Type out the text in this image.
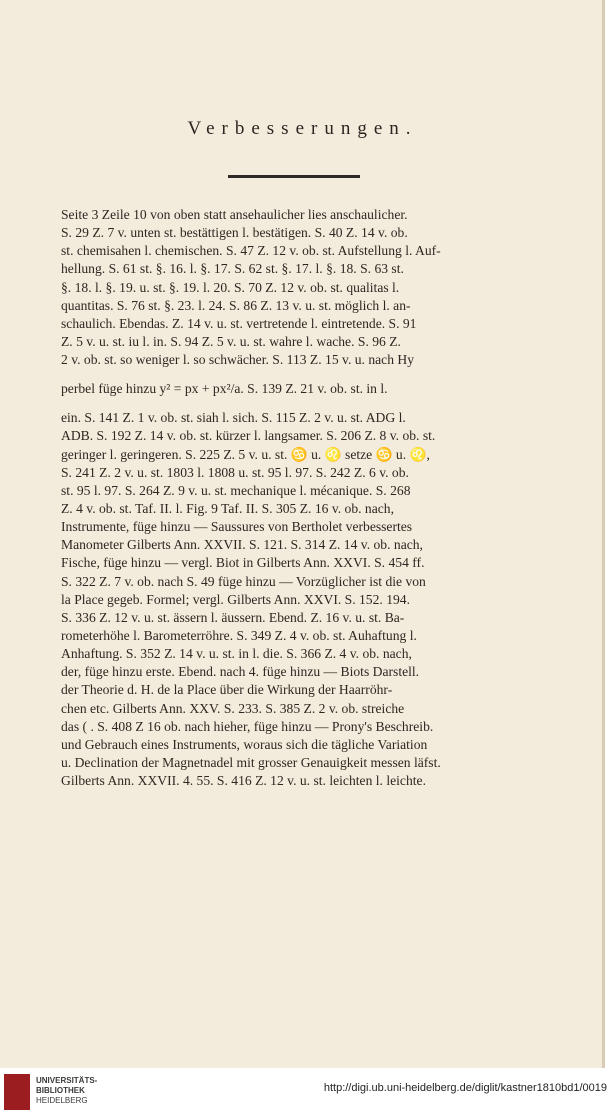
Verbesserungen.
Seite 3 Zeile 10 von oben statt ansehaulicher lies anschaulicher.
S. 29 Z. 7 v. unten st. bestättigen l. bestätigen. S. 40 Z. 14 v. ob.
st. chemisahen l. chemischen. S. 47 Z. 12 v. ob. st. Aufstellung l. Auf-
hellung. S. 61 st. §. 16. l. §. 17. S. 62 st. §. 17. l. §. 18. S. 63 st.
§. 18. l. §. 19. u. st. §. 19. l. 20. S. 70 Z. 12 v. ob. st. qualitas l.
quantitas. S. 76 st. §. 23. l. 24. S. 86 Z. 13 v. u. st. möglich l. an-
schaulich. Ebendas. Z. 14 v. u. st. vertretende l. eintretende. S. 91
Z. 5 v. u. st. iu l. in. S. 94 Z. 5 v. u. st. wahre l. wache. S. 96 Z.
2 v. ob. st. so weniger l. so schwächer. S. 113 Z. 15 v. u. nach Hy
perbel füge hinzu y² = px + px²/a. S. 139 Z. 21 v. ob. st. in l.
ein. S. 141 Z. 1 v. ob. st. siah l. sich. S. 115 Z. 2 v. u. st. ADG l.
ADB. S. 192 Z. 14 v. ob. st. kürzer l. langsamer. S. 206 Z. 8 v. ob. st.
geringer l. geringeren. S. 225 Z. 5 v. u. st. ♋ u. ♌ setze ♋ u. ♌,
S. 241 Z. 2 v. u. st. 1803 l. 1808 u. st. 95 l. 97. S. 242 Z. 6 v. ob.
st. 95 l. 97. S. 264 Z. 9 v. u. st. mechanique l. mécanique. S. 268
Z. 4 v. ob. st. Taf. II. l. Fig. 9 Taf. II. S. 305 Z. 16 v. ob. nach,
Instrumente, füge hinzu — Saussures von Bertholet verbessertes
Manometer Gilberts Ann. XXVII. S. 121. S. 314 Z. 14 v. ob. nach,
Fische, füge hinzu — vergl. Biot in Gilberts Ann. XXVI. S. 454 ff.
S. 322 Z. 7 v. ob. nach S. 49 füge hinzu — Vorzüglicher ist die von
la Place gegeb. Formel; vergl. Gilberts Ann. XXVI. S. 152. 194.
S. 336 Z. 12 v. u. st. ässern l. äussern. Ebend. Z. 16 v. u. st. Ba-
rometerhöhe l. Barometerröhre. S. 349 Z. 4 v. ob. st. Auhaftung l.
Anhaftung. S. 352 Z. 14 v. u. st. in l. die. S. 366 Z. 4 v. ob. nach,
der, füge hinzu erste. Ebend. nach 4. füge hinzu — Biots Darstell.
der Theorie d. H. de la Place über die Wirkung der Haarröhr-
chen etc. Gilberts Ann. XXV. S. 233. S. 385 Z. 2 v. ob. streiche
das ( . S. 408 Z 16 ob. nach hieher, füge hinzu — Prony's Beschreib.
und Gebrauch eines Instruments, woraus sich die tägliche Variation
u. Declination der Magnetnadel mit grosser Genauigkeit messen läfst.
Gilberts Ann. XXVII. 4. 55. S. 416 Z. 12 v. u. st. leichten l. leichte.
UNIVERSITÄTS-
BIBLIOTHEK
HEIDELBERG
http://digi.ub.uni-heidelberg.de/diglit/kastner1810bd1/0019
